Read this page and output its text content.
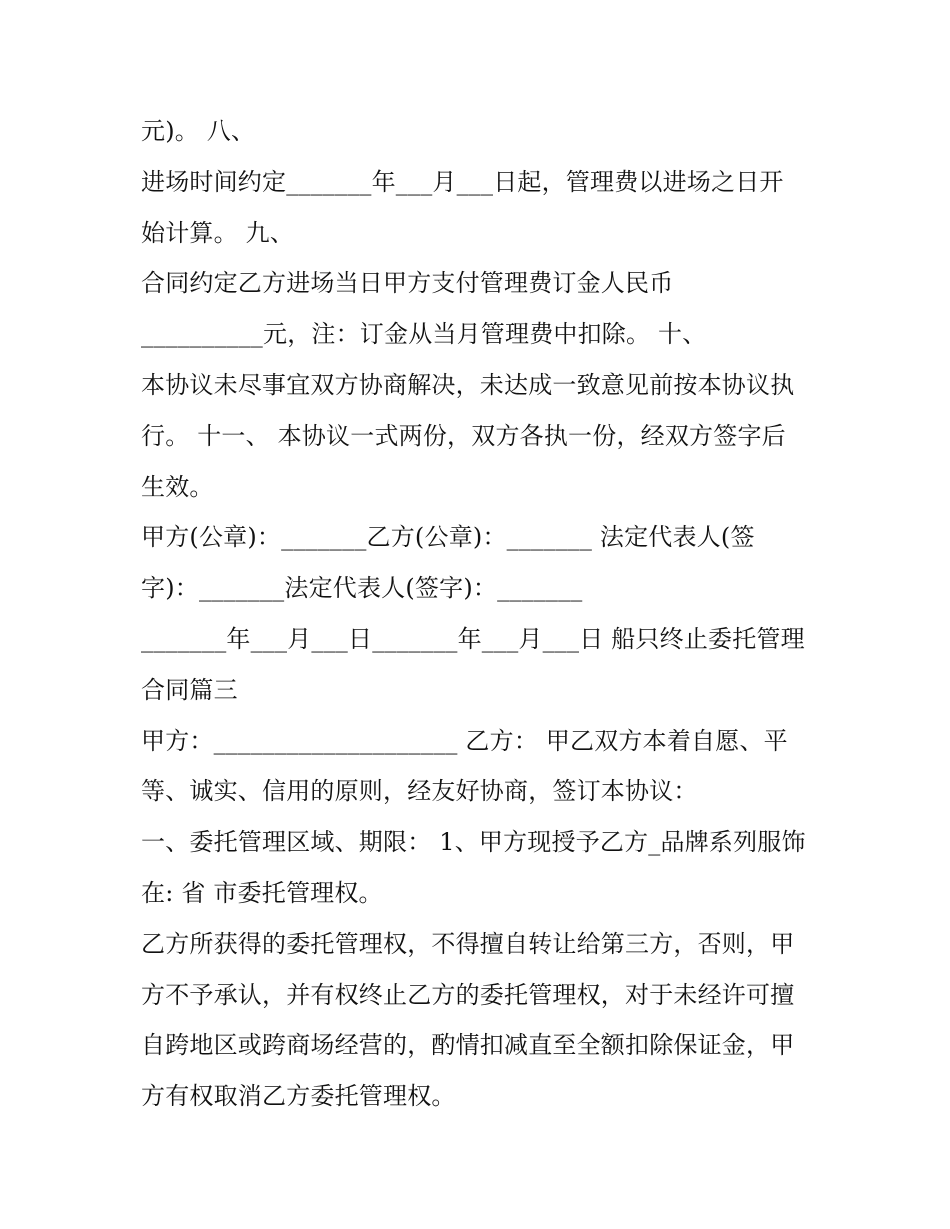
元)。 八、
进场时间约定_______年___月___日起，管理费以进场之日开
始计算。 九、
合同约定乙方进场当日甲方支付管理费订金人民币
__________元，注：订金从当月管理费中扣除。 十、
本协议未尽事宜双方协商解决，未达成一致意见前按本协议执
行。 十一、 本协议一式两份，双方各执一份，经双方签字后
生效。
甲方(公章)：_______乙方(公章)：_______ 法定代表人(签
字)：_______法定代表人(签字)：_______
_______年___月___日_______年___月___日 船只终止委托管理
合同篇三
甲方：____________________ 乙方： 甲乙双方本着自愿、平
等、诚实、信用的原则，经友好协商，签订本协议：
一、委托管理区域、期限： 1、甲方现授予乙方_品牌系列服饰
在: 省 市委托管理权。
乙方所获得的委托管理权，不得擅自转让给第三方，否则，甲
方不予承认，并有权终止乙方的委托管理权，对于未经许可擅
自跨地区或跨商场经营的，酌情扣减直至全额扣除保证金，甲
方有权取消乙方委托管理权。
